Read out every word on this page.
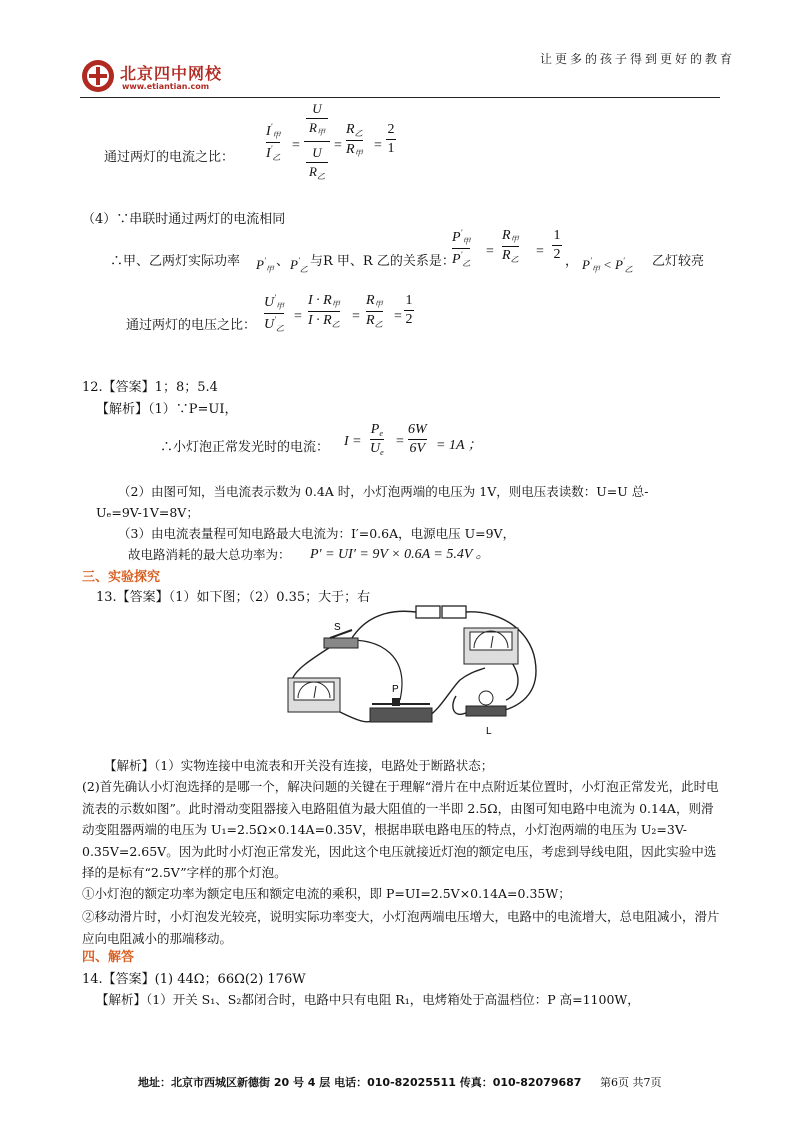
北京四中网校
www.etiantian.com
让更多的孩子得到更好的教育
通过两灯的电流之比：
$I'_甲$
$I'_乙$
=
U
$R_甲$
U
$R_乙$
=
$R_乙$
$R_甲$
=
2
1
（4）∵串联时通过两灯的电流相同
∴甲、乙两灯实际功率 $P'_甲$
、 $P'_乙$
与R 甲、R 乙的关系是：
$P'_甲$
$P'_乙$
=
$R_甲$
$R_乙$
=
1
2 ， $P'_甲 < P'_乙$
乙灯较亮
通过两灯的电压之比：
$U'_甲$
$U'_乙$
=
$I \cdot R_甲$
$I \cdot R_乙$
=
$R_甲$
$R_乙$
=
1
2
12.【答案】1；8；5.4
【解析】（1）∵P=UI，
∴小灯泡正常发光时的电流： I =
$P_e$
$U_e$
=
6W
6V = 1A ；
（2）由图可知，当电流表示数为 0.4A 时，小灯泡两端的电压为 1V，则电压表读数：U=U 总-
Uₑ=9V-1V=8V；
（3）由电流表量程可知电路最大电流为：I′=0.6A，电源电压 U=9V，
故电路消耗的最大总功率为： P′ = UI′ = 9V × 0.6A = 5.4V 。
三、实验探究
13.【答案】（1）如下图；（2）0.35；大于；右
S
P
L
【解析】（1）实物连接中电流表和开关没有连接，电路处于断路状态；
(2)首先确认小灯泡选择的是哪一个，解决问题的关键在于理解“滑片在中点附近某位置时，小灯泡正常发光，此时电流表的示数如图”。此时滑动变阻器接入电路阻值为最大阻值的一半即 2.5Ω，由图可知电路中电流为 0.14A，则滑动变阻器两端的电压为 U₁=2.5Ω×0.14A=0.35V，根据串联电路电压的特点，小灯泡两端的电压为 U₂=3V-0.35V=2.65V。因为此时小灯泡正常发光，因此这个电压就接近灯泡的额定电压，考虑到导线电阻，因此实验中选择的是标有“2.5V”字样的那个灯泡。
①小灯泡的额定功率为额定电压和额定电流的乘积，即 P=UI=2.5V×0.14A=0.35W；
②移动滑片时，小灯泡发光较亮，说明实际功率变大，小灯泡两端电压增大，电路中的电流增大，总电阻减小，滑片应向电阻减小的那端移动。
四、解答
14.【答案】(1) 44Ω；66Ω(2) 176W
【解析】（1）开关 S₁、S₂都闭合时，电路中只有电阻 R₁，电烤箱处于高温档位：P 高=1100W，
地址：北京市西城区新德街 20 号 4 层 电话：010-82025511 传真：010-82079687 第6页 共7页
